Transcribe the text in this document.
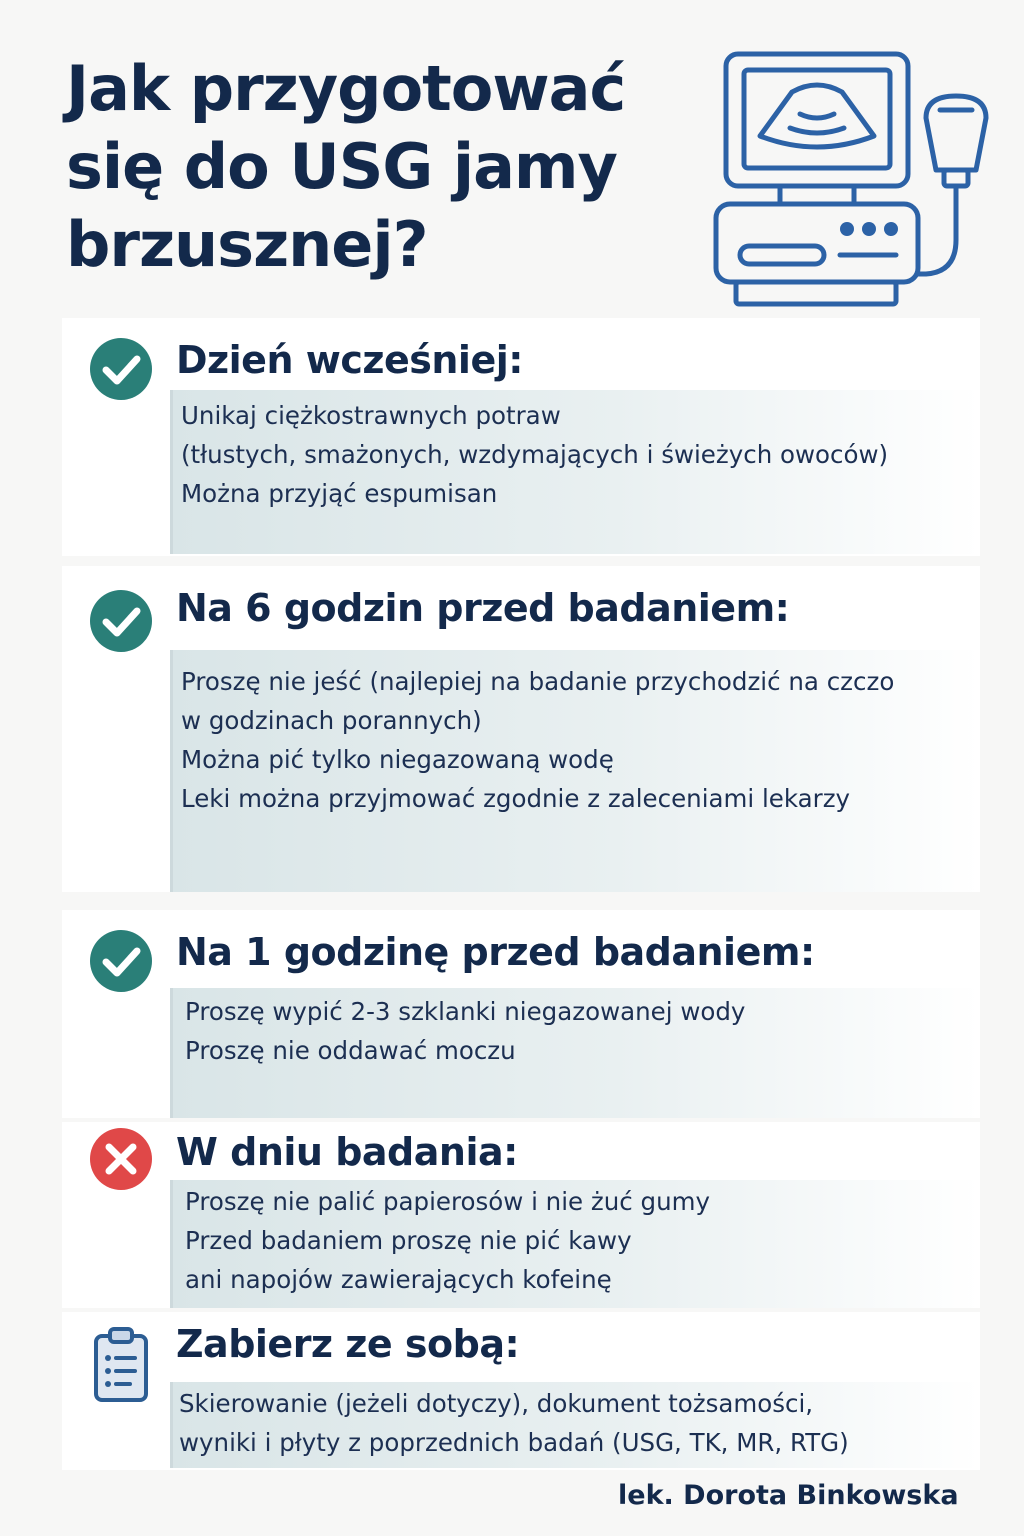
Jak przygotować
się do USG jamy
brzusznej?
Dzień wcześniej:
Unikaj ciężkostrawnych potraw
(tłustych, smażonych, wzdymających i świeżych owoców)
Można przyjąć espumisan
Na 6 godzin przed badaniem:
Proszę nie jeść (najlepiej na badanie przychodzić na czczo
w godzinach porannych)
Można pić tylko niegazowaną wodę
Leki można przyjmować zgodnie z zaleceniami lekarzy
Na 1 godzinę przed badaniem:
Proszę wypić 2-3 szklanki niegazowanej wody
Proszę nie oddawać moczu
W dniu badania:
Proszę nie palić papierosów i nie żuć gumy
Przed badaniem proszę nie pić kawy
ani napojów zawierających kofeinę
Zabierz ze sobą:
Skierowanie (jeżeli dotyczy), dokument tożsamości,
wyniki i płyty z poprzednich badań (USG, TK, MR, RTG)
lek. Dorota Binkowska
